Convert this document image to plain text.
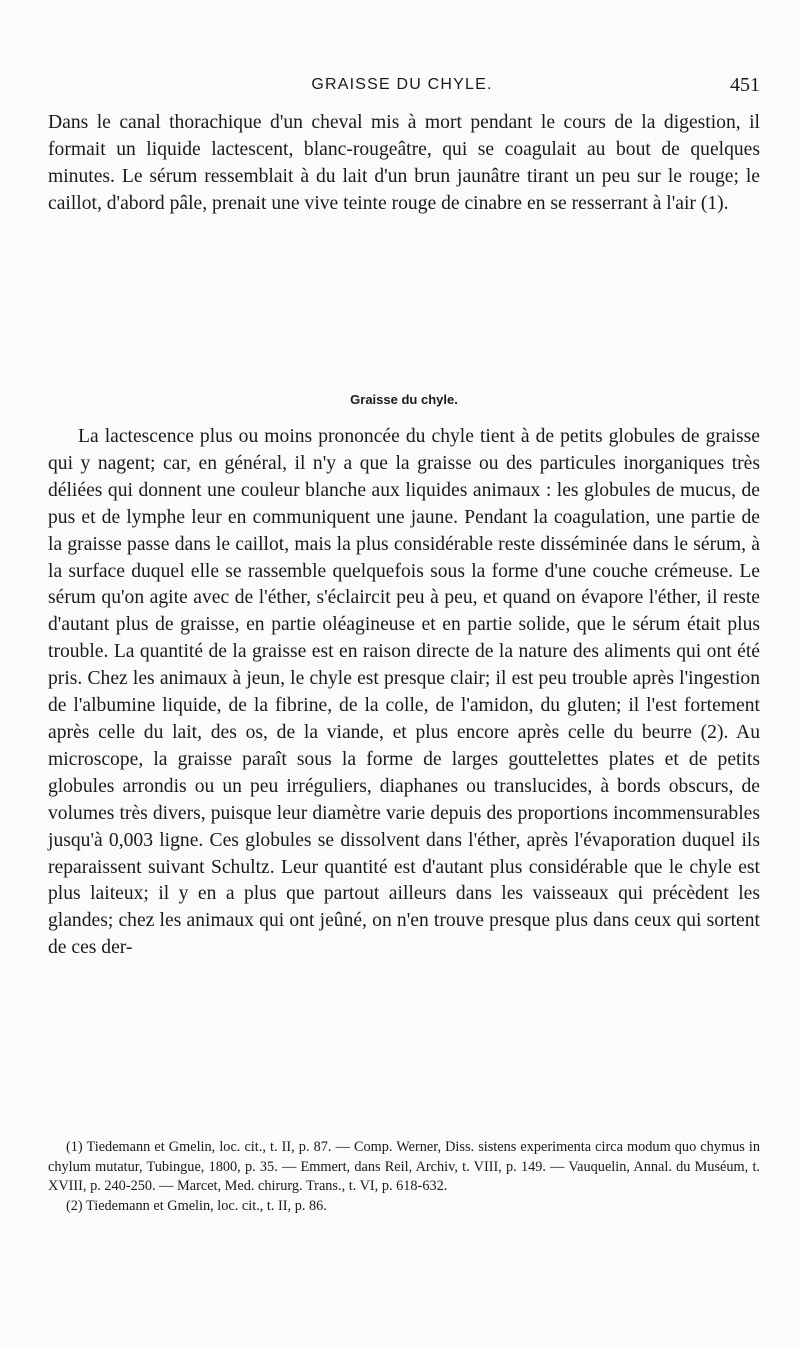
GRAISSE DU CHYLE.	451

Dans le canal thorachique d'un cheval mis à mort pendant le cours de la digestion, il formait un liquide lactescent, blanc-rougeâtre, qui se coagulait au bout de quelques minutes. Le sérum ressemblait à du lait d'un brun jaunâtre tirant un peu sur le rouge; le caillot, d'abord pâle, prenait une vive teinte rouge de cinabre en se resserrant à l'air (1).

Graisse du chyle.

La lactescence plus ou moins prononcée du chyle tient à de petits globules de graisse qui y nagent; car, en général, il n'y a que la graisse ou des particules inorganiques très déliées qui donnent une couleur blanche aux liquides animaux : les globules de mucus, de pus et de lymphe leur en communiquent une jaune. Pendant la coagulation, une partie de la graisse passe dans le caillot, mais la plus considérable reste disséminée dans le sérum, à la surface duquel elle se rassemble quelquefois sous la forme d'une couche crémeuse. Le sérum qu'on agite avec de l'éther, s'éclaircit peu à peu, et quand on évapore l'éther, il reste d'autant plus de graisse, en partie oléagineuse et en partie solide, que le sérum était plus trouble. La quantité de la graisse est en raison directe de la nature des aliments qui ont été pris. Chez les animaux à jeun, le chyle est presque clair; il est peu trouble après l'ingestion de l'albumine liquide, de la fibrine, de la colle, de l'amidon, du gluten; il l'est fortement après celle du lait, des os, de la viande, et plus encore après celle du beurre (2). Au microscope, la graisse paraît sous la forme de larges gouttelettes plates et de petits globules arrondis ou un peu irréguliers, diaphanes ou translucides, à bords obscurs, de volumes très divers, puisque leur diamètre varie depuis des proportions incommensurables jusqu'à 0,003 ligne. Ces globules se dissolvent dans l'éther, après l'évaporation duquel ils reparaissent suivant Schultz. Leur quantité est d'autant plus considérable que le chyle est plus laiteux; il y en a plus que partout ailleurs dans les vaisseaux qui précèdent les glandes; chez les animaux qui ont jeûné, on n'en trouve presque plus dans ceux qui sortent de ces der-

(1) Tiedemann et Gmelin, loc. cit., t. II, p. 87. — Comp. Werner, Diss. sistens experimenta circa modum quo chymus in chylum mutatur, Tubingue, 1800, p. 35. — Emmert, dans Reil, Archiv, t. VIII, p. 149. — Vauquelin, Annal. du Muséum, t. XVIII, p. 240-250. — Marcet, Med. chirurg. Trans., t. VI, p. 618-632.

(2) Tiedemann et Gmelin, loc. cit., t. II, p. 86.
